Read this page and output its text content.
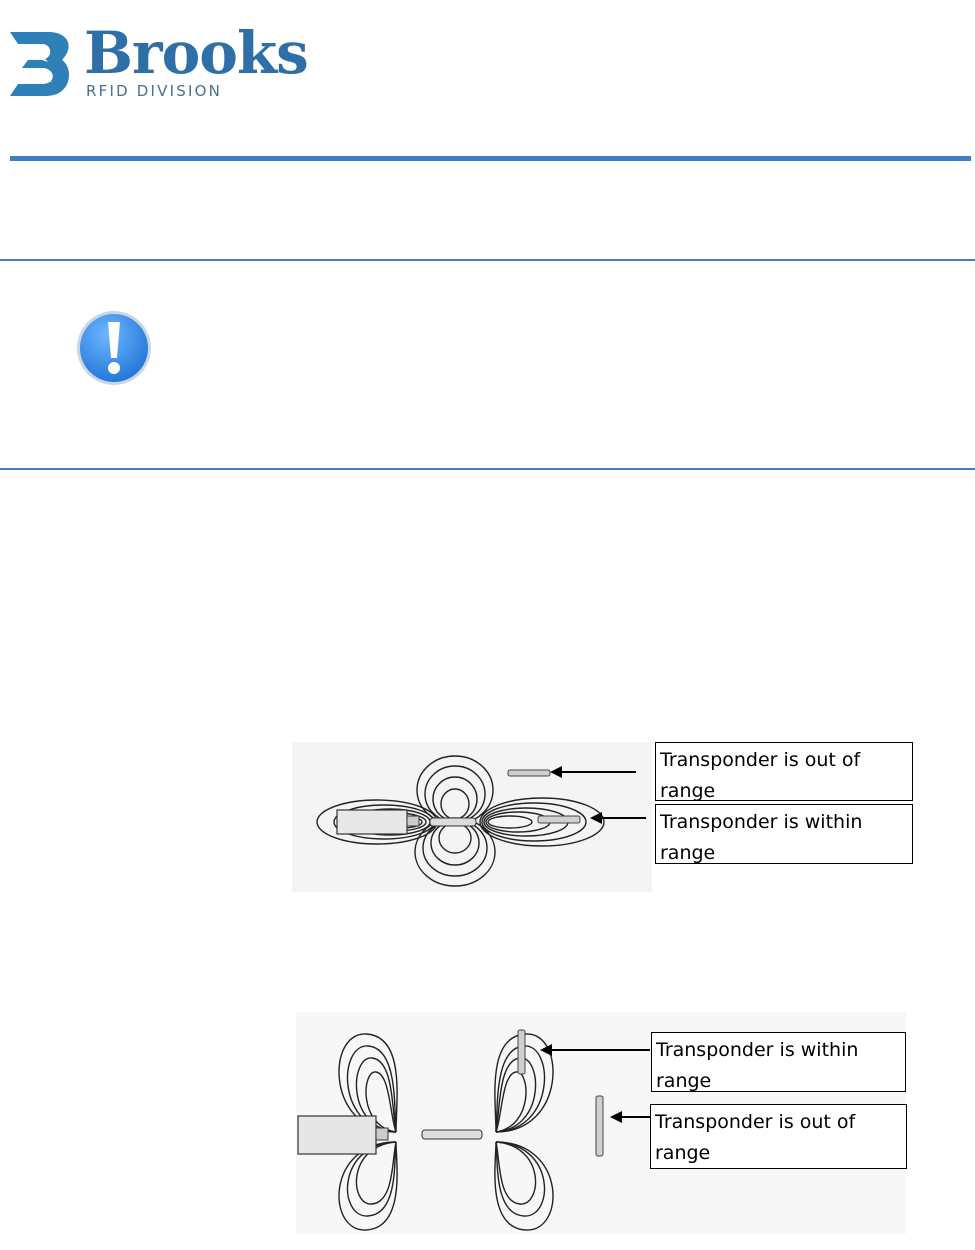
Brooks
RFID DIVISION
Transponder is out of range
Transponder is within range
Transponder is within range
Transponder is out of range
